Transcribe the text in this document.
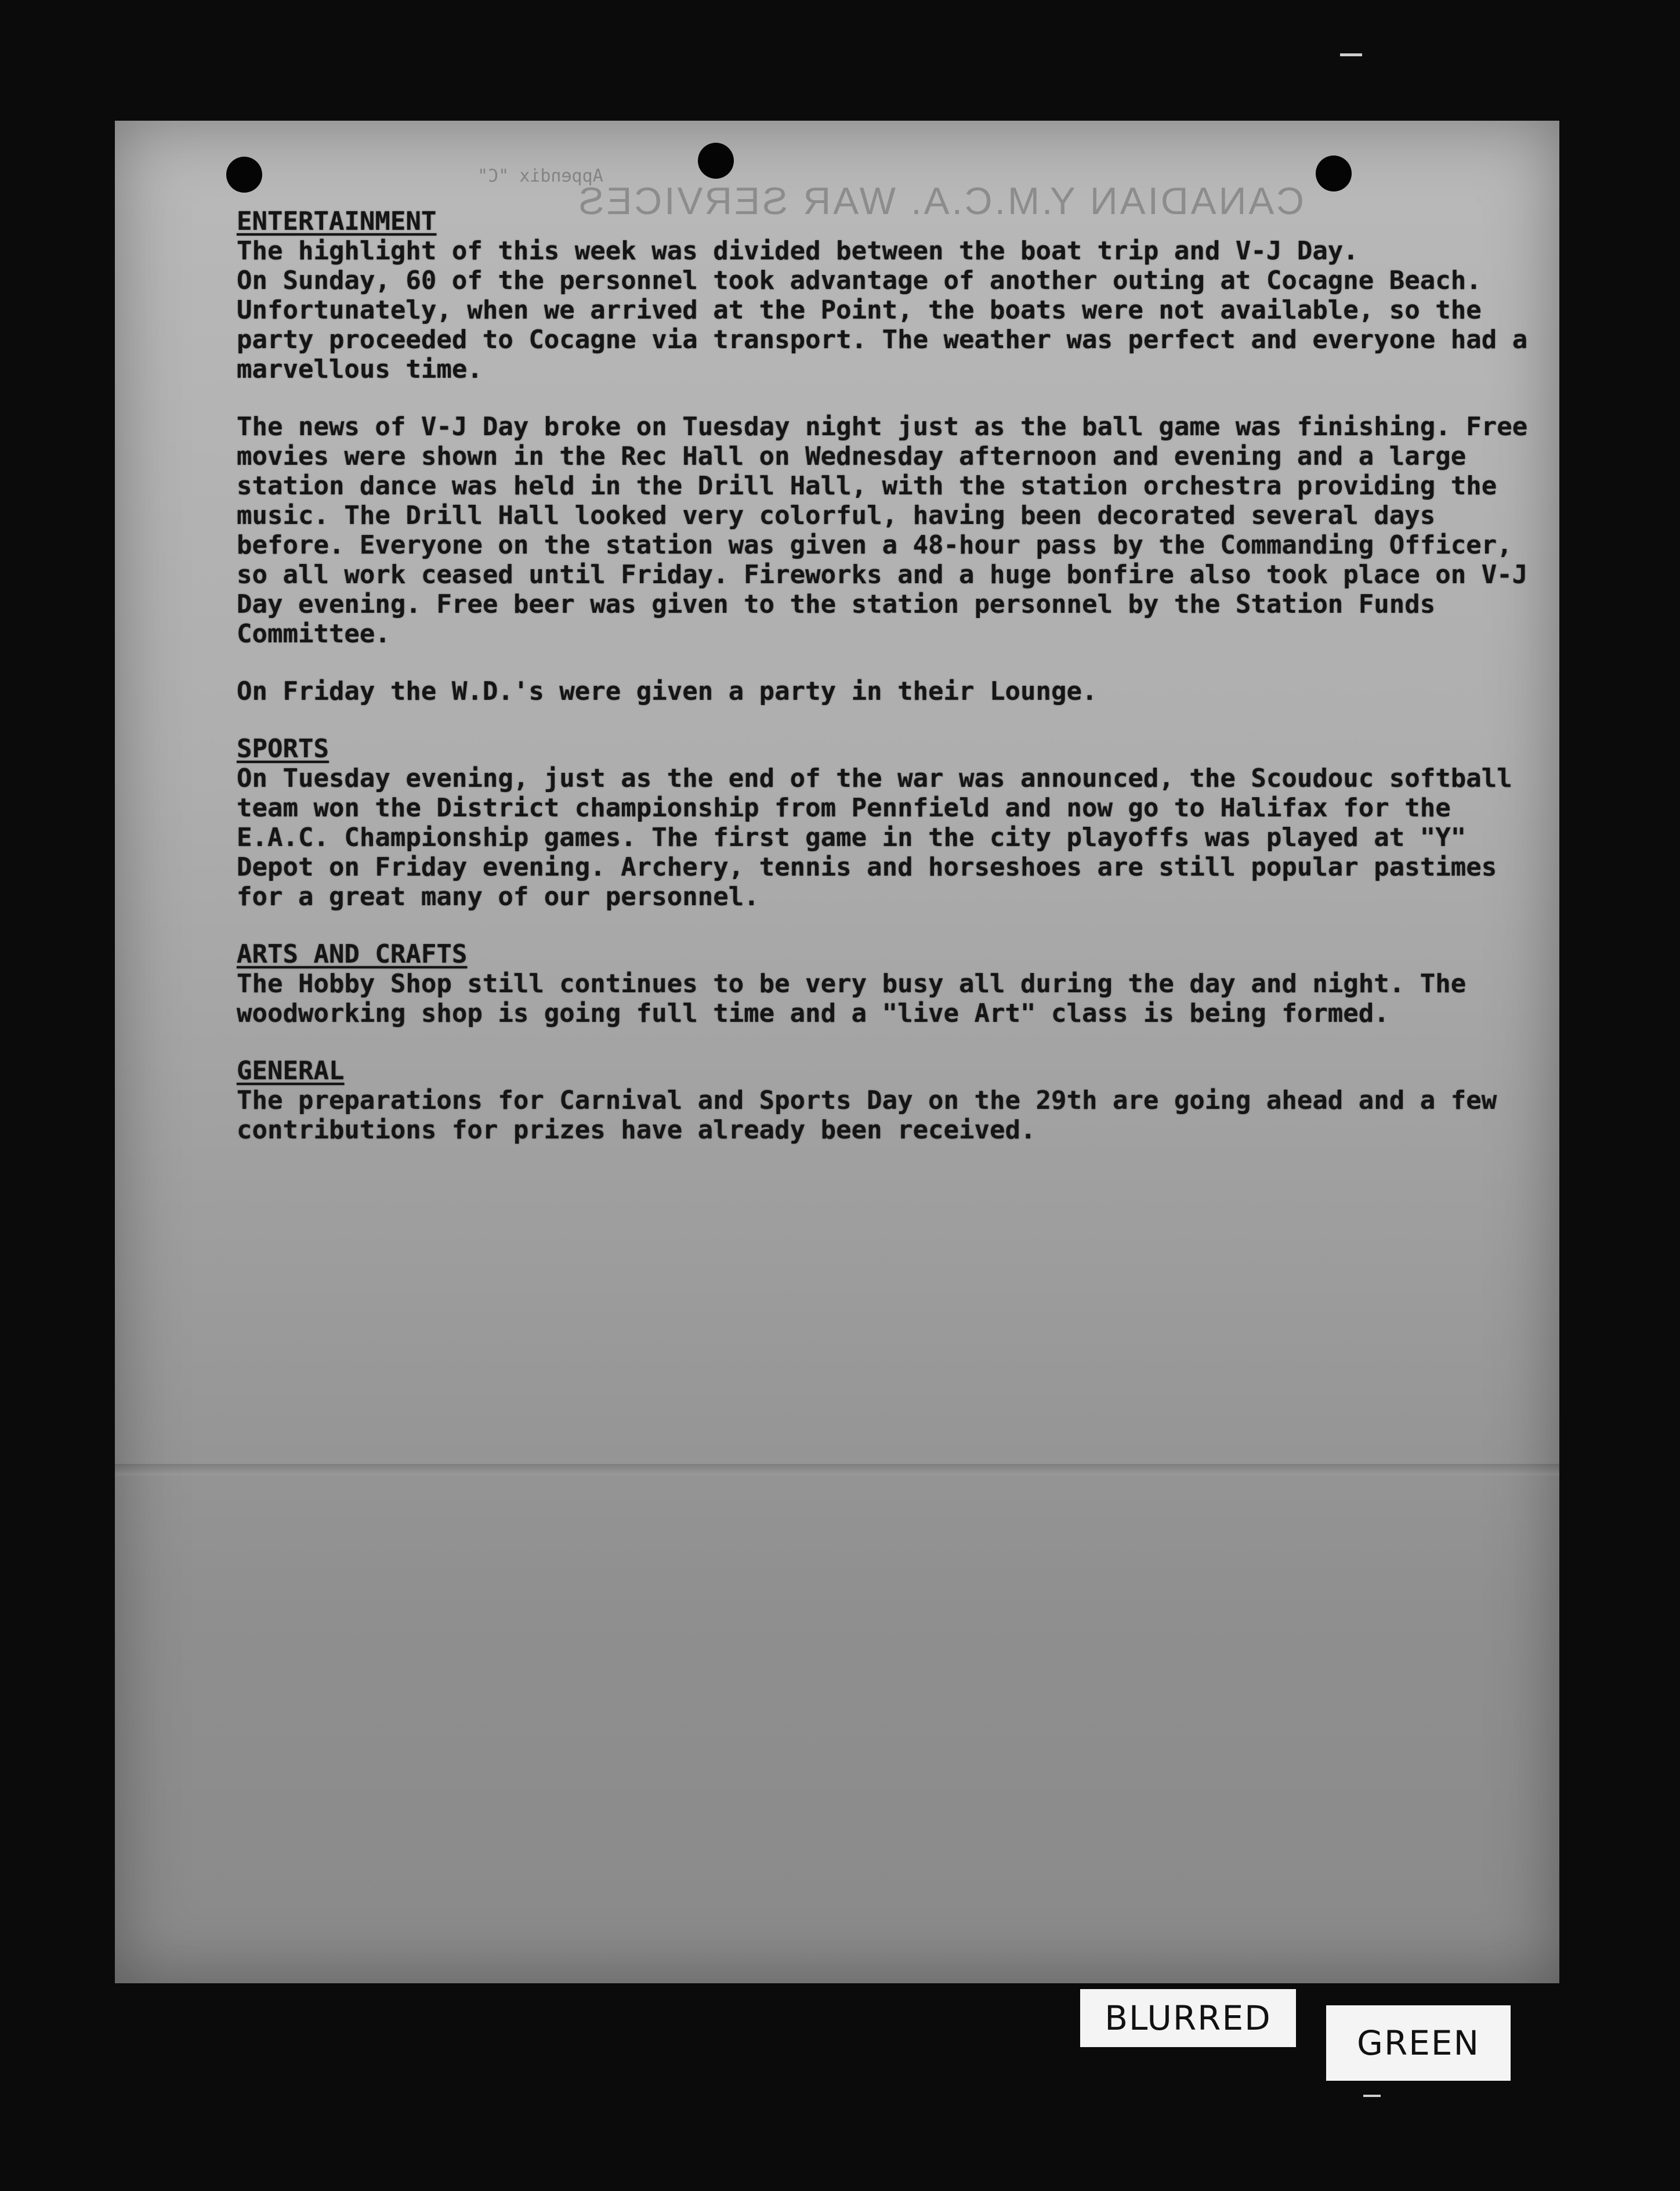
Appendix "C"
CANADIAN Y.M.C.A. WAR SERVICES
ENTERTAINMENT

The highlight of this week was divided between the boat trip and V-J Day.
On Sunday, 60 of the personnel took advantage of another outing at Cocagne Beach. Unfortunately, when we arrived at the Point, the boats were not available, so the party proceeded to Cocagne via transport. The weather was perfect and everyone had a marvellous time.

The news of V-J Day broke on Tuesday night just as the ball game was finishing. Free movies were shown in the Rec Hall on Wednesday afternoon and evening and a large station dance was held in the Drill Hall, with the station orchestra providing the music. The Drill Hall looked very colorful, having been decorated several days before. Everyone on the station was given a 48-hour pass by the Commanding Officer, so all work ceased until Friday. Fireworks and a huge bonfire also took place on V-J Day evening. Free beer was given to the station personnel by the Station Funds Committee.

On Friday the W.D.'s were given a party in their Lounge.

SPORTS

On Tuesday evening, just as the end of the war was announced, the Scoudouc softball team won the District championship from Pennfield and now go to Halifax for the E.A.C. Championship games. The first game in the city playoffs was played at "Y" Depot on Friday evening. Archery, tennis and horseshoes are still popular pastimes for a great many of our personnel.

ARTS AND CRAFTS

The Hobby Shop still continues to be very busy all during the day and night. The woodworking shop is going full time and a "live Art" class is being formed.

GENERAL

The preparations for Carnival and Sports Day on the 29th are going ahead and a few contributions for prizes have already been received.

BLURRED
GREEN
